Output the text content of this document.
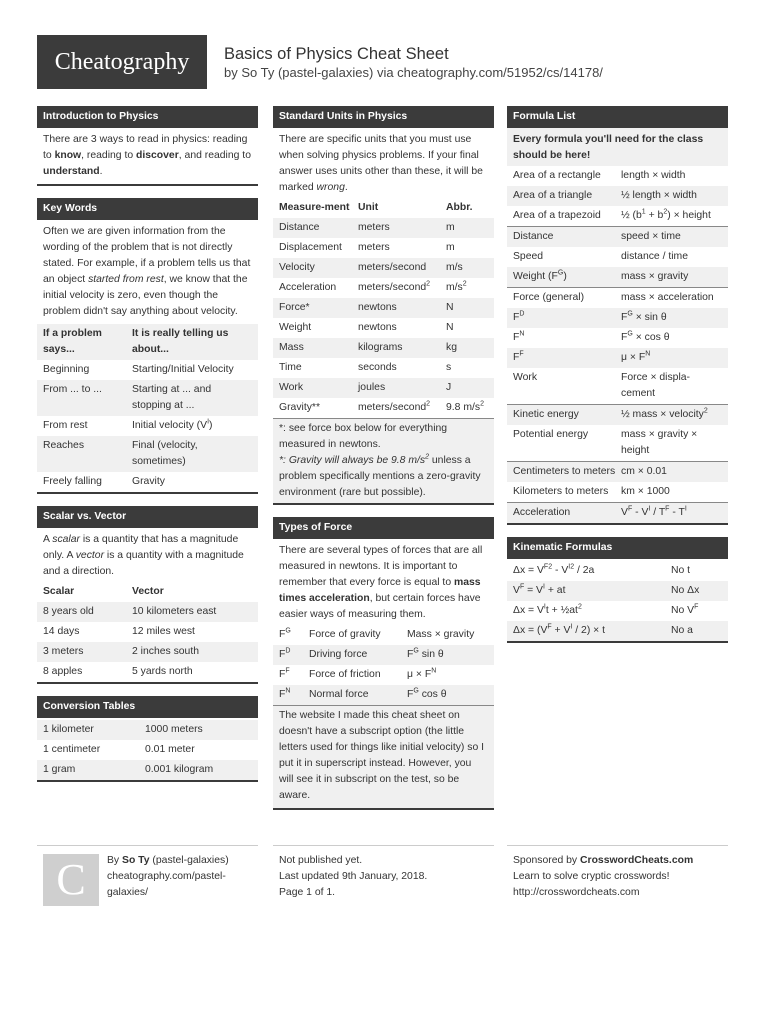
Cheatography Basics of Physics Cheat Sheet
by So Ty (pastel-galaxies) via cheatography.com/51952/cs/14178/
Introduction to Physics
There are 3 ways to read in physics: reading to know, reading to discover, and reading to understand.
Key Words
Often we are given information from the wording of the problem that is not directly stated. For example, if a problem tells us that an object started from rest, we know that the initial velocity is zero, even though the problem didn't say anything about velocity.
If a problem says...
It is really telling us about...
Beginning	Starting/Initial Velocity
From ... to ...	Starting at ... and stopping at ...
From rest	Initial velocity $(V^I)$
Reaches	Final (velocity, sometimes)
Freely falling	Gravity
Scalar vs. Vector
A scalar is a quantity that has a magnitude only. A vector is a quantity with a magnitude and a direction.
Scalar	Vector
8 years old	10 kilometers east
14 days	12 miles west
3 meters	2 inches south
8 apples	5 yards north
Conversion Tables
1 kilometer	1000 meters
1 centimeter	0.01 meter
1 gram	0.001 kilogram
Standard Units in Physics
There are specific units that you must use when solving physics problems. If your final answer uses units other than these, it will be marked wrong.
Measure-ment Unit	Abbr.
Distance	meters	m
Displacement	meters	m
Velocity	meters/second	m/s
Acceleration	meters/second$^2$	$m/s^2$
Force*	newtons	N
Weight	newtons	N
Mass	kilograms	kg
Time	seconds	s
Work	joules	J
Gravity**	meters/second$^2$	9.8 $m/s^2$
*: see force box below for everything measured in newtons.
*: Gravity will always be 9.8 $m/s^2$ unless a problem specifically mentions a zero-gravity environment (rare but possible).
Types of Force
There are several types of forces that are all measured in newtons. It is important to remember that every force is equal to mass times acceleration, but certain forces have easier ways of measuring them.
$F^G$	Force of gravity	Mass × gravity
$F^D$	Driving force	$F^G$ sin θ
$F^F$	Force of friction	$\mu \times F^N$
$F^N$	Normal force	$F^G$ cos θ
The website I made this cheat sheet on doesn't have a subscript option (the little letters used for things like initial velocity) so I put it in superscript instead. However, you will see it in subscript on the test, so be aware.
Formula List
Every formula you'll need for the class should be here!
Area of a rectangle	length × width
Area of a triangle	½ length × width
Area of a trapezoid	½ $(b^1 + b^2)$ × height
Distance	speed × time
Speed	distance / time
Weight $(F^G)$	mass × gravity
Force (general)	mass × acceleration
$F^D$	$F^G \times \sin \theta$
$F^N$	$F^G \times \cos \theta$
$F^F$	$\mu \times F^N$
Work	Force × displa-cement
Kinetic energy	½ mass × velocity$^2$
Potential energy	mass × gravity × height
Centimeters to meters cm × 0.01
Kilometers to meters	km × 1000
Acceleration	$V^F - V^I / T^F - T^I$
Kinematic Formulas
$\Delta x = V^{F2} - V^{I2} / 2a$	No t
$V^F = V^I$ + at	No Δx
$\Delta x = V^It$ + $\frac{1}{2}at^2$	No $V^F$
$\Delta x = (V^F + V^I / 2) \times t$	No a
C By So Ty (pastel-galaxies)
cheatography.com/pastel-
galaxies/
Not published yet.
Last updated 9th January, 2018.
Page 1 of 1.
Sponsored by CrosswordCheats.com
Learn to solve cryptic crosswords!
http://crosswordcheats.com
